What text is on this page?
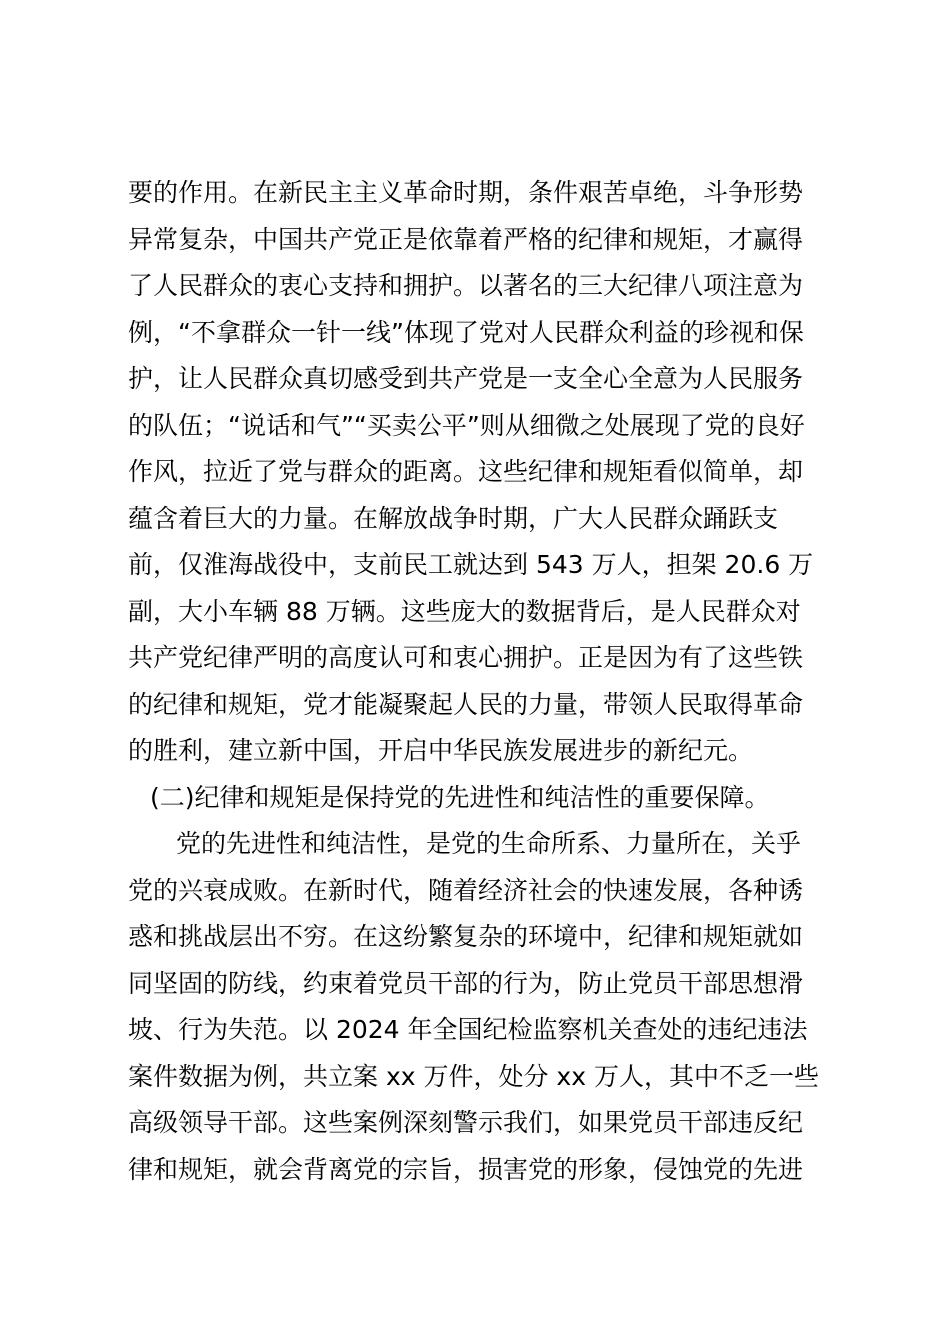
要的作用。在新民主主义革命时期，条件艰苦卓绝，斗争形势

异常复杂，中国共产党正是依靠着严格的纪律和规矩，才赢得

了人民群众的衷心支持和拥护。以著名的三大纪律八项注意为

例，“不拿群众一针一线”体现了党对人民群众利益的珍视和保

护，让人民群众真切感受到共产党是一支全心全意为人民服务

的队伍；“说话和气”“买卖公平”则从细微之处展现了党的良好

作风，拉近了党与群众的距离。这些纪律和规矩看似简单，却

蕴含着巨大的力量。在解放战争时期，广大人民群众踊跃支

前，仅淮海战役中，支前民工就达到 543 万人，担架 20.6 万

副，大小车辆 88 万辆。这些庞大的数据背后，是人民群众对

共产党纪律严明的高度认可和衷心拥护。正是因为有了这些铁

的纪律和规矩，党才能凝聚起人民的力量，带领人民取得革命

的胜利，建立新中国，开启中华民族发展进步的新纪元。

(二)纪律和规矩是保持党的先进性和纯洁性的重要保障。

党的先进性和纯洁性，是党的生命所系、力量所在，关乎

党的兴衰成败。在新时代，随着经济社会的快速发展，各种诱

惑和挑战层出不穷。在这纷繁复杂的环境中，纪律和规矩就如

同坚固的防线，约束着党员干部的行为，防止党员干部思想滑

坡、行为失范。以 2024 年全国纪检监察机关查处的违纪违法

案件数据为例，共立案 xx 万件，处分 xx 万人，其中不乏一些

高级领导干部。这些案例深刻警示我们，如果党员干部违反纪

律和规矩，就会背离党的宗旨，损害党的形象，侵蚀党的先进
